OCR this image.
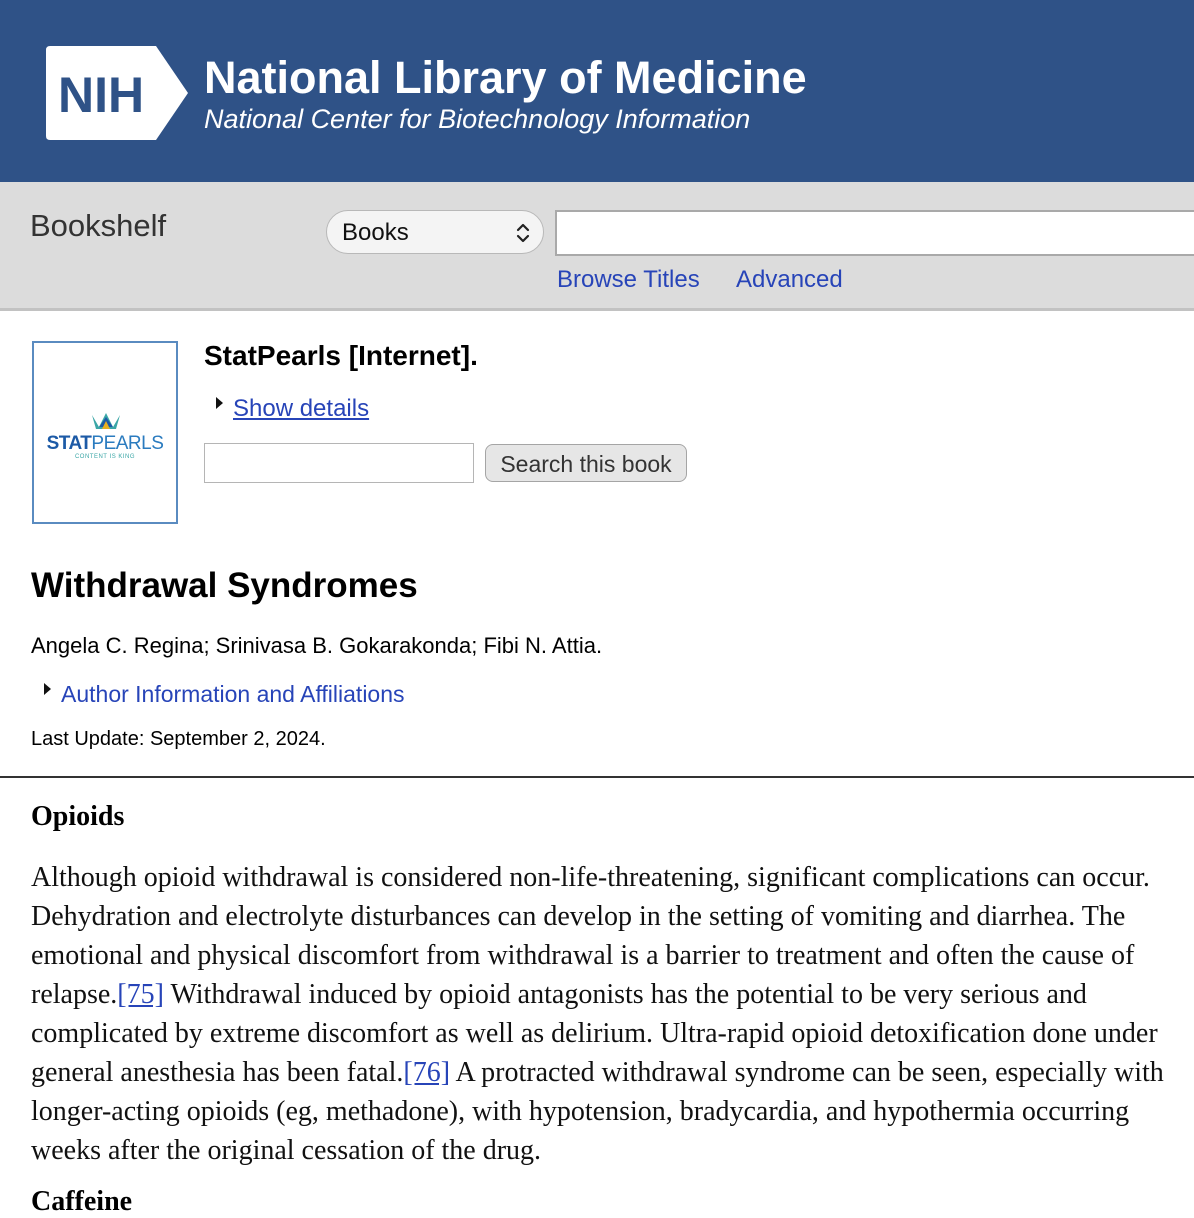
NIH National Library of Medicine
National Center for Biotechnology Information
Bookshelf	Books
Browse Titles Advanced
STATPEARLS
CONTENT IS KING
StatPearls [Internet].
Show details
Search this book
Withdrawal Syndromes
Angela C. Regina; Srinivasa B. Gokarakonda; Fibi N. Attia.
Author Information and Affiliations
Last Update: September 2, 2024.
Opioids

Although opioid withdrawal is considered non-life-threatening, significant complications can occur. Dehydration and electrolyte disturbances can develop in the setting of vomiting and diarrhea. The emotional and physical discomfort from withdrawal is a barrier to treatment and often the cause of relapse.[75] Withdrawal induced by opioid antagonists has the potential to be very serious and complicated by extreme discomfort as well as delirium. Ultra-rapid opioid detoxification done under general anesthesia has been fatal.[76] A protracted withdrawal syndrome can be seen, especially with longer-acting opioids (eg, methadone), with hypotension, bradycardia, and hypothermia occurring weeks after the original cessation of the drug.

Caffeine
